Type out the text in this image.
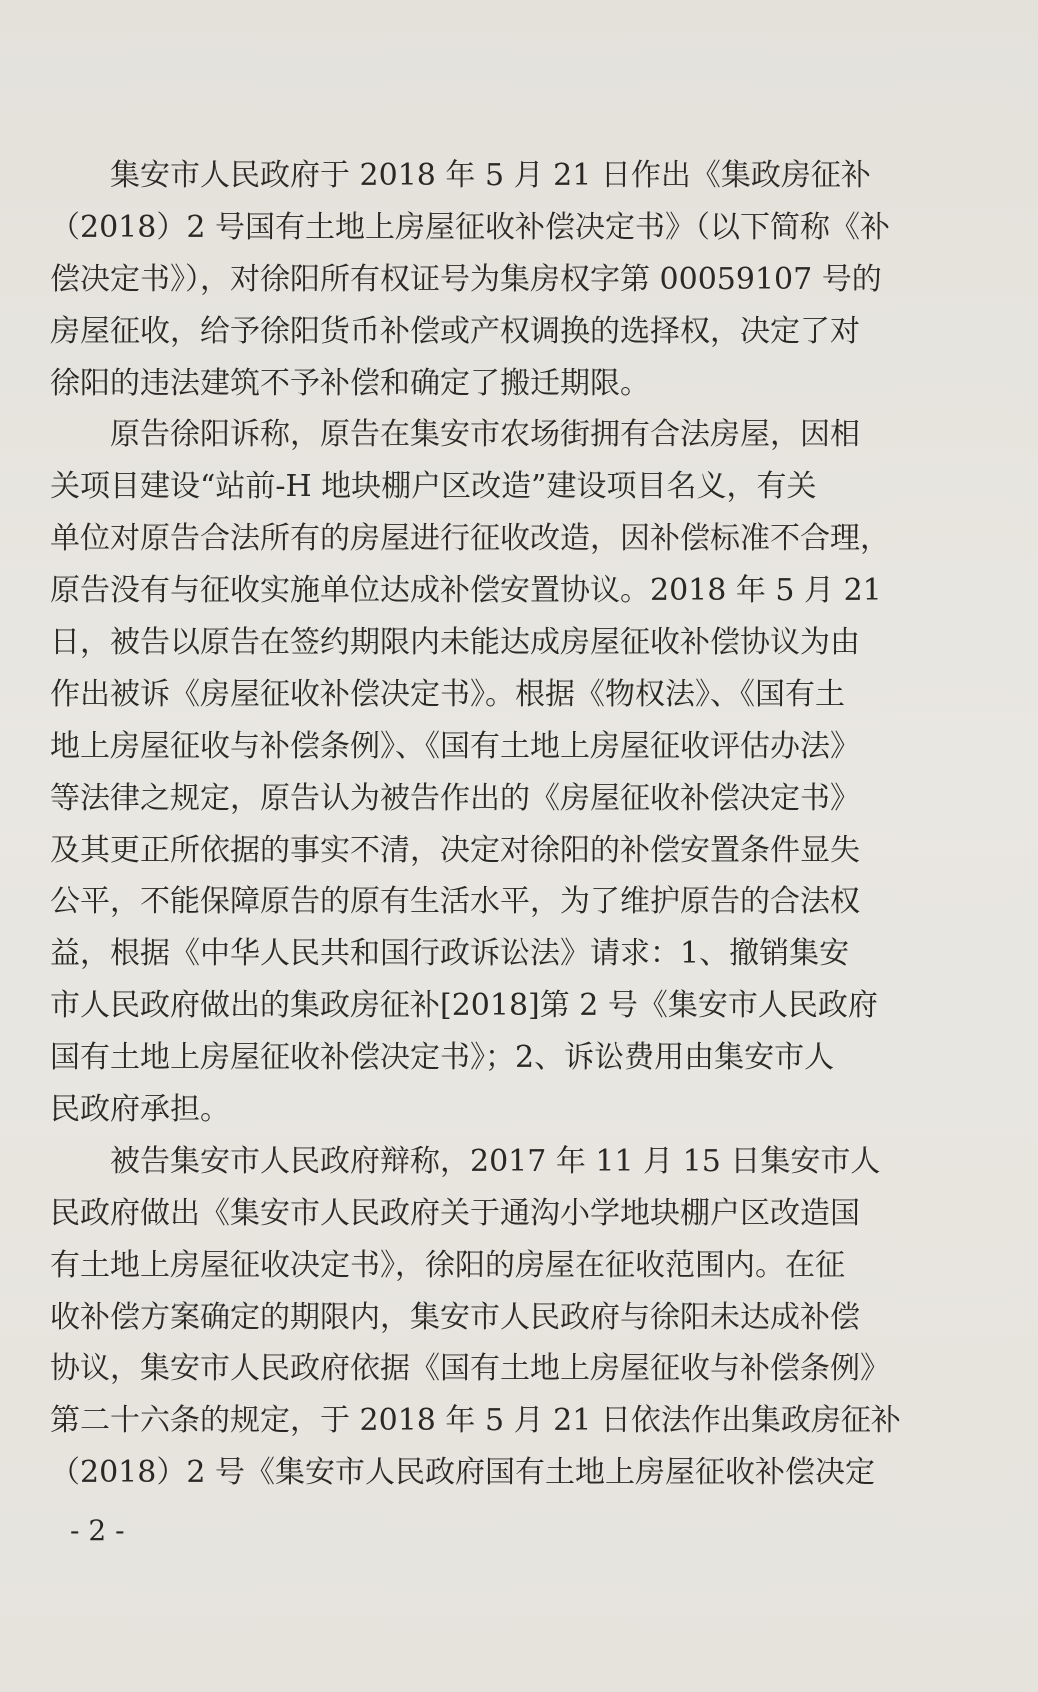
　　集安市人民政府于 2018 年 5 月 21 日作出《集政房征补
（2018）2 号国有土地上房屋征收补偿决定书》（以下简称《补
偿决定书》），对徐阳所有权证号为集房权字第 00059107 号的
房屋征收，给予徐阳货币补偿或产权调换的选择权，决定了对
徐阳的违法建筑不予补偿和确定了搬迁期限。
　　原告徐阳诉称，原告在集安市农场街拥有合法房屋，因相
关项目建设“站前-H 地块棚户区改造”建设项目名义，有关
单位对原告合法所有的房屋进行征收改造，因补偿标准不合理，
原告没有与征收实施单位达成补偿安置协议。2018 年 5 月 21
日，被告以原告在签约期限内未能达成房屋征收补偿协议为由
作出被诉《房屋征收补偿决定书》。根据《物权法》、《国有土
地上房屋征收与补偿条例》、《国有土地上房屋征收评估办法》
等法律之规定，原告认为被告作出的《房屋征收补偿决定书》
及其更正所依据的事实不清，决定对徐阳的补偿安置条件显失
公平，不能保障原告的原有生活水平，为了维护原告的合法权
益，根据《中华人民共和国行政诉讼法》请求：1、撤销集安
市人民政府做出的集政房征补[2018]第 2 号《集安市人民政府
国有土地上房屋征收补偿决定书》；2、诉讼费用由集安市人
民政府承担。
　　被告集安市人民政府辩称，2017 年 11 月 15 日集安市人
民政府做出《集安市人民政府关于通沟小学地块棚户区改造国
有土地上房屋征收决定书》，徐阳的房屋在征收范围内。在征
收补偿方案确定的期限内，集安市人民政府与徐阳未达成补偿
协议，集安市人民政府依据《国有土地上房屋征收与补偿条例》
第二十六条的规定，于 2018 年 5 月 21 日依法作出集政房征补
（2018）2 号《集安市人民政府国有土地上房屋征收补偿决定
- 2 -
